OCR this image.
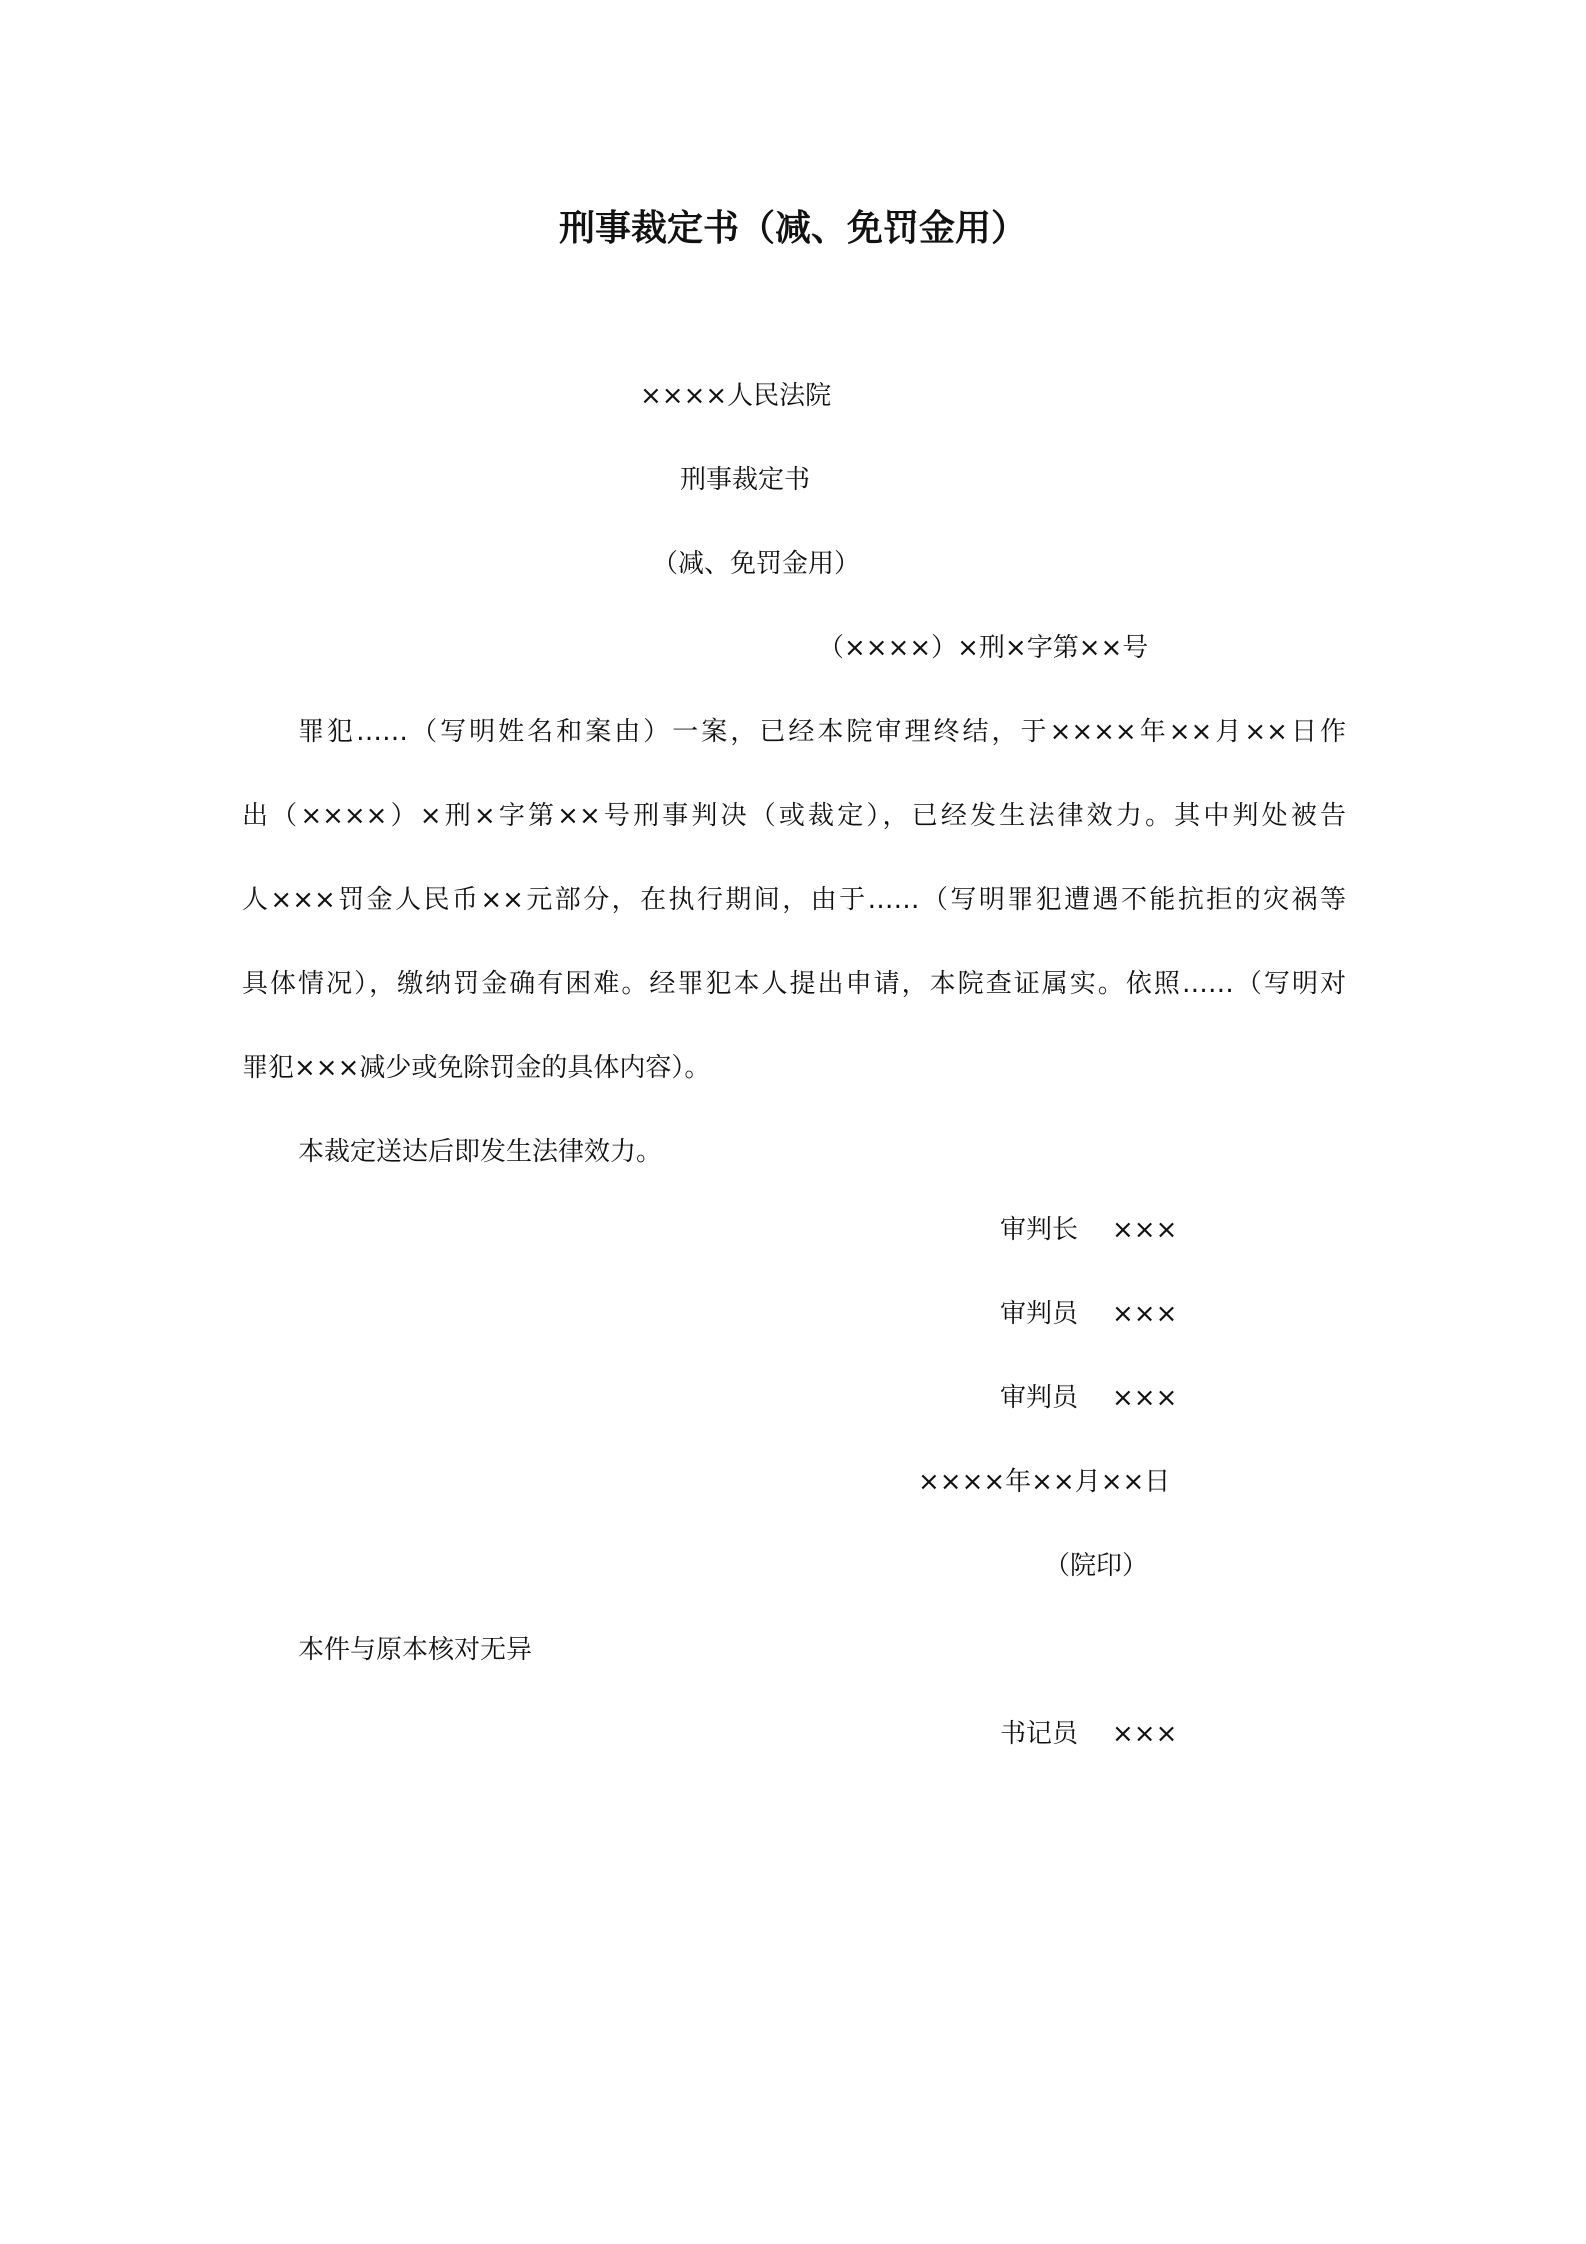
刑事裁定书（减、免罚金用）
××××人民法院
刑事裁定书
（减、免罚金用）
（××××）×刑×字第××号
罪犯……（写明姓名和案由）一案，已经本院审理终结，于××××年××月××日作
出（××××）×刑×字第××号刑事判决（或裁定），已经发生法律效力。其中判处被告
人×××罚金人民币××元部分，在执行期间，由于……（写明罪犯遭遇不能抗拒的灾祸等
具体情况），缴纳罚金确有困难。经罪犯本人提出申请，本院查证属实。依照……（写明对
罪犯×××减少或免除罚金的具体内容）。
本裁定送达后即发生法律效力。
审判长 ×××
审判员 ×××
审判员 ×××
××××年××月××日
（院印）
本件与原本核对无异
书记员 ×××
